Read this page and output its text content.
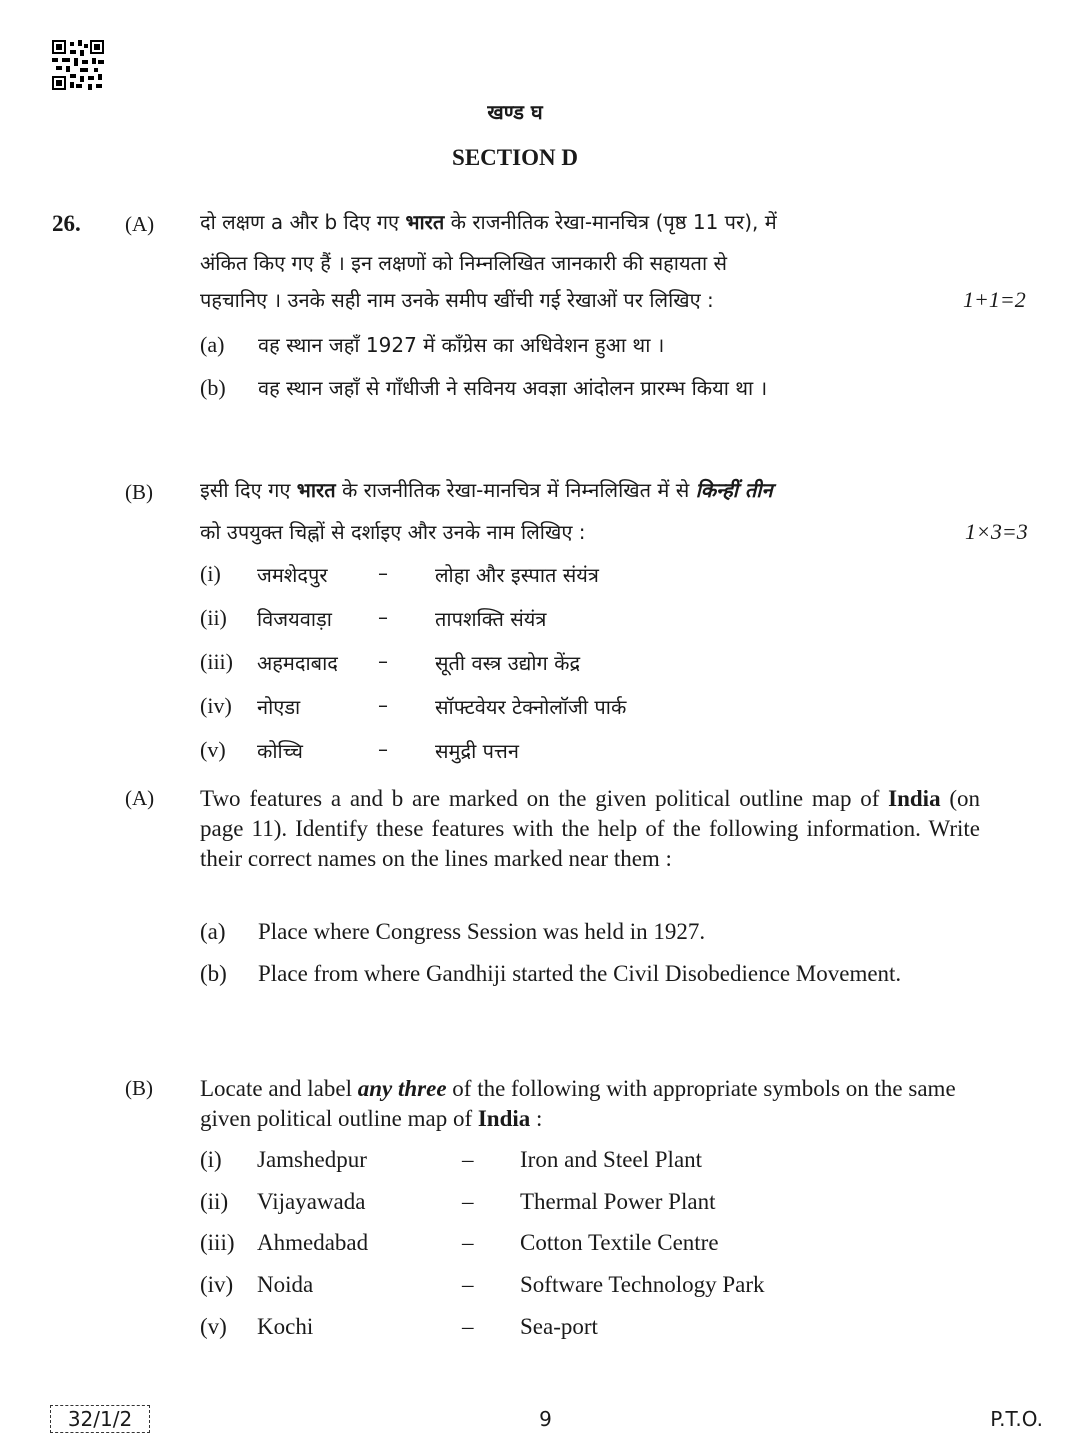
खण्ड घ
SECTION D
26. (A) दो लक्षण a और b दिए गए भारत के राजनीतिक रेखा-मानचित्र (पृष्ठ 11 पर), में
अंकित किए गए हैं । इन लक्षणों को निम्नलिखित जानकारी की सहायता से
पहचानिए । उनके सही नाम उनके समीप खींची गई रेखाओं पर लिखिए :	1+1=2
(a) वह स्थान जहाँ 1927 में काँग्रेस का अधिवेशन हुआ था ।
(b) वह स्थान जहाँ से गाँधीजी ने सविनय अवज्ञा आंदोलन प्रारम्भ किया था ।
(B) इसी दिए गए भारत के राजनीतिक रेखा-मानचित्र में निम्नलिखित में से किन्हीं तीन
को उपयुक्त चिह्नों से दर्शाइए और उनके नाम लिखिए :	1×3=3
(i) जमशेदपुर	– लोहा और इस्पात संयंत्र
(ii) विजयवाड़ा – तापशक्ति संयंत्र
(iii) अहमदाबाद – सूती वस्त्र उद्योग केंद्र
(iv) नोएडा	– सॉफ्टवेयर टेक्नोलॉजी पार्क
(v) कोच्चि	– समुद्री पत्तन
(A) Two features a and b are marked on the given political outline map of India (on page 11). Identify these features with the help of the following information. Write their correct names on the lines marked near them :
(a) Place where Congress Session was held in 1927.
(b) Place from where Gandhiji started the Civil Disobedience Movement.
(B) Locate and label any three of the following with appropriate symbols on the same given political outline map of India :
(i) Jamshedpur	– Iron and Steel Plant
(ii) Vijayawada	– Thermal Power Plant
(iii) Ahmedabad	– Cotton Textile Centre
(iv) Noida	– Software Technology Park
(v) Kochi	– Sea-port
32/1/2	9	P.T.O.
